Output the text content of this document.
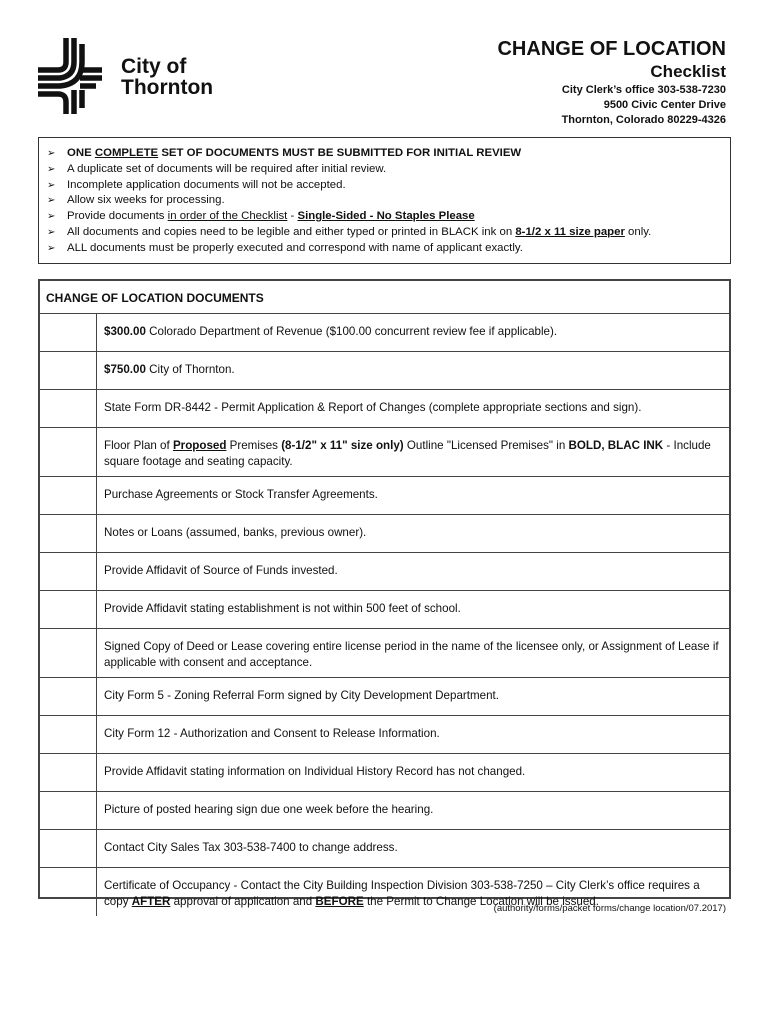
City of
Thornton
CHANGE OF LOCATION
Checklist
City Clerk’s office 303-538-7230
9500 Civic Center Drive
Thornton, Colorado 80229-4326
➢	ONE COMPLETE SET OF DOCUMENTS MUST BE SUBMITTED FOR INITIAL REVIEW
➢	A duplicate set of documents will be required after initial review.
➢	Incomplete application documents will not be accepted.
➢	Allow six weeks for processing.
➢	Provide documents in order of the Checklist - Single-Sided - No Staples Please
➢	All documents and copies need to be legible and either typed or printed in BLACK ink on 8-1/2 x 11 size paper only.
➢	ALL documents must be properly executed and correspond with name of applicant exactly.
CHANGE OF LOCATION DOCUMENTS
$300.00 Colorado Department of Revenue ($100.00 concurrent review fee if applicable).
$750.00 City of Thornton.
State Form DR-8442 - Permit Application & Report of Changes (complete appropriate sections and sign).
Floor Plan of Proposed Premises (8-1/2" x 11" size only) Outline "Licensed Premises" in BOLD, BLAC INK - Include square footage and seating capacity.
Purchase Agreements or Stock Transfer Agreements.
Notes or Loans (assumed, banks, previous owner).
Provide Affidavit of Source of Funds invested.
Provide Affidavit stating establishment is not within 500 feet of school.
Signed Copy of Deed or Lease covering entire license period in the name of the licensee only, or Assignment of Lease if applicable with consent and acceptance.
City Form 5 - Zoning Referral Form signed by City Development Department.
City Form 12 - Authorization and Consent to Release Information.
Provide Affidavit stating information on Individual History Record has not changed.
Picture of posted hearing sign due one week before the hearing.
Contact City Sales Tax 303-538-7400 to change address.
Certificate of Occupancy - Contact the City Building Inspection Division 303-538-7250 – City Clerk’s office requires a copy AFTER approval of application and BEFORE the Permit to Change Location will be issued.
(authority/forms/packet forms/change location/07.2017)
